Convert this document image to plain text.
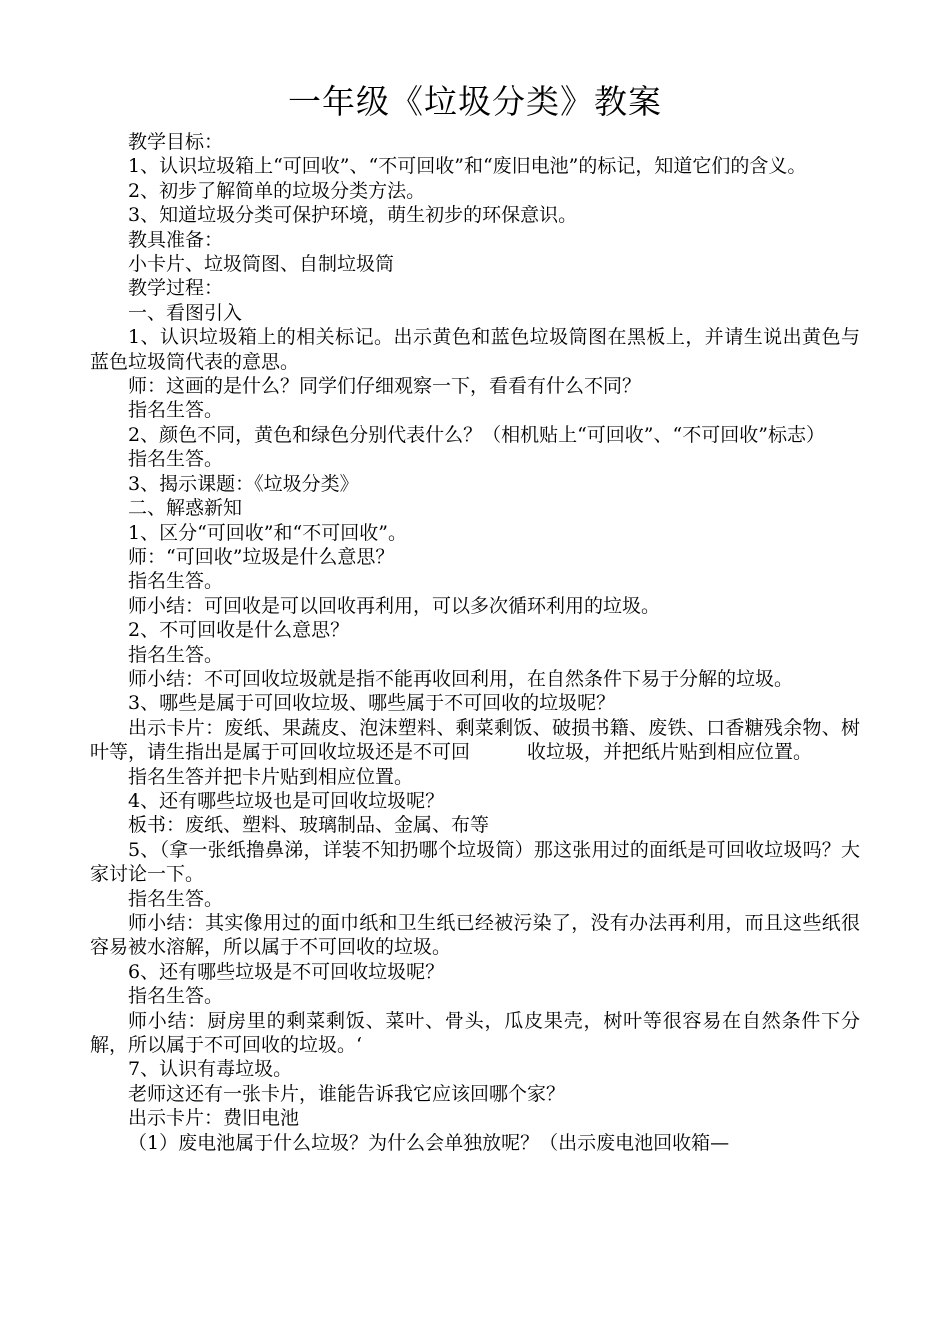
一年级《垃圾分类》教案

教学目标：

1、认识垃圾箱上“可回收”、“不可回收”和“废旧电池”的标记，知道它们的含义。

2、初步了解简单的垃圾分类方法。

3、知道垃圾分类可保护环境，萌生初步的环保意识。

教具准备：

小卡片、垃圾筒图、自制垃圾筒

教学过程：

一、看图引入

1、认识垃圾箱上的相关标记。出示黄色和蓝色垃圾筒图在黑板上，并请生说出黄色与蓝色垃圾筒代表的意思。

师：这画的是什么？同学们仔细观察一下，看看有什么不同？

指名生答。

2、颜色不同，黄色和绿色分别代表什么？（相机贴上“可回收”、“不可回收”标志）

指名生答。

3、揭示课题：《垃圾分类》

二、解惑新知

1、区分“可回收”和“不可回收”。

师：“可回收”垃圾是什么意思？

指名生答。

师小结：可回收是可以回收再利用，可以多次循环利用的垃圾。

2、不可回收是什么意思？

指名生答。

师小结：不可回收垃圾就是指不能再收回利用，在自然条件下易于分解的垃圾。

3、哪些是属于可回收垃圾、哪些属于不可回收的垃圾呢？

出示卡片：废纸、果蔬皮、泡沫塑料、剩菜剩饭、破损书籍、废铁、口香糖残余物、树叶等，请生指出是属于可回收垃圾还是不可回　　　收垃圾，并把纸片贴到相应位置。

指名生答并把卡片贴到相应位置。

4、还有哪些垃圾也是可回收垃圾呢？

板书：废纸、塑料、玻璃制品、金属、布等

5、（拿一张纸撸鼻涕，详装不知扔哪个垃圾筒）那这张用过的面纸是可回收垃圾吗？大家讨论一下。

指名生答。

师小结：其实像用过的面巾纸和卫生纸已经被污染了，没有办法再利用，而且这些纸很容易被水溶解，所以属于不可回收的垃圾。

6、还有哪些垃圾是不可回收垃圾呢？

指名生答。

师小结：厨房里的剩菜剩饭、菜叶、骨头，瓜皮果壳，树叶等很容易在自然条件下分解，所以属于不可回收的垃圾。‘

7、认识有毒垃圾。

老师这还有一张卡片，谁能告诉我它应该回哪个家？

出示卡片：费旧电池

（1）废电池属于什么垃圾？为什么会单独放呢？（出示废电池回收箱—
